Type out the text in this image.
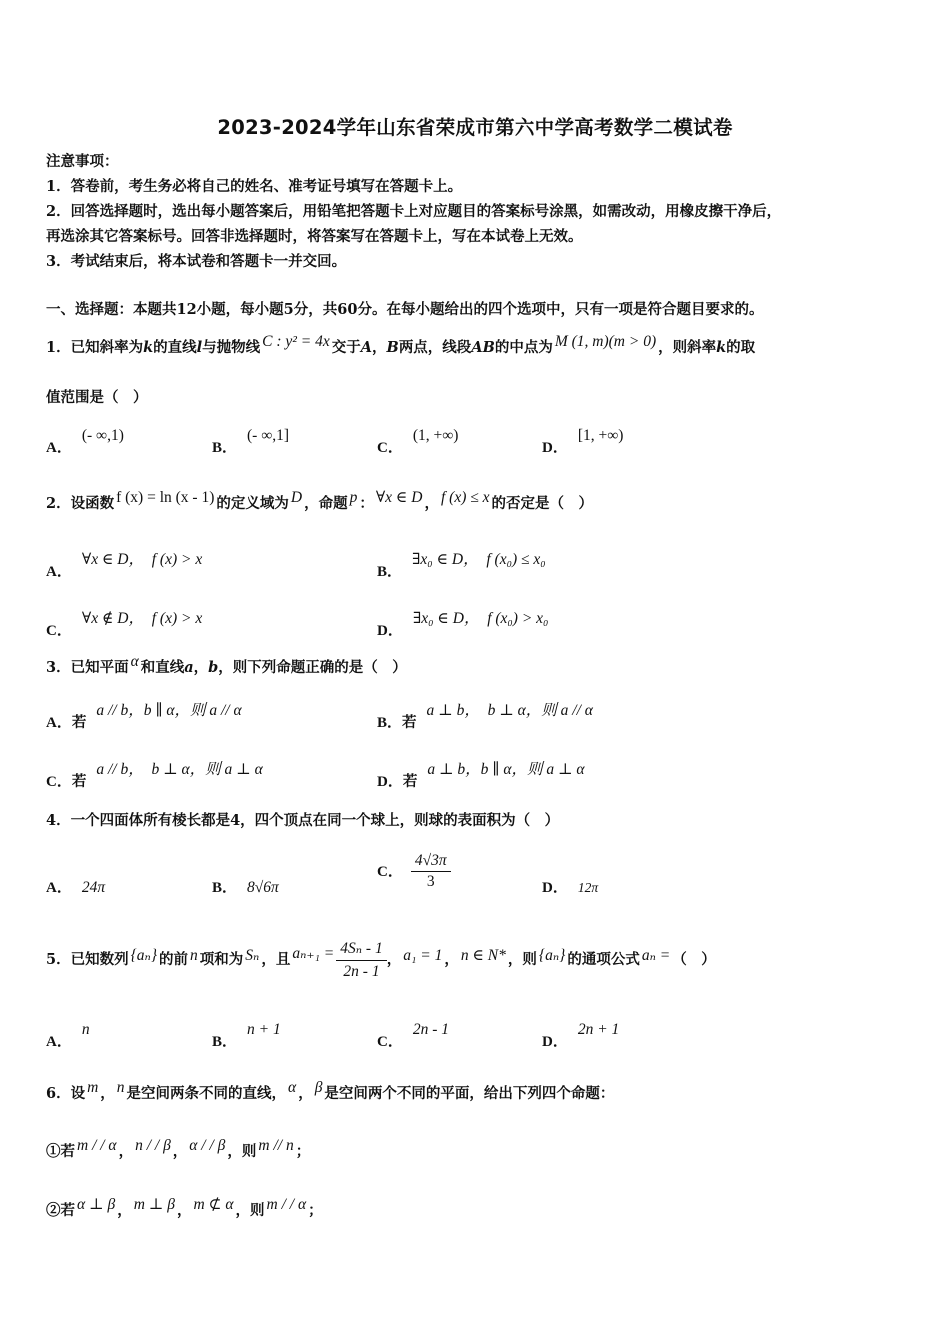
2023-2024学年山东省荣成市第六中学高考数学二模试卷
注意事项：
1．答卷前，考生务必将自己的姓名、准考证号填写在答题卡上。
2．回答选择题时，选出每小题答案后，用铅笔把答题卡上对应题目的答案标号涂黑，如需改动，用橡皮擦干净后，
再选涂其它答案标号。回答非选择题时，将答案写在答题卡上，写在本试卷上无效。
3．考试结束后，将本试卷和答题卡一并交回。
一、选择题：本题共12小题，每小题5分，共60分。在每小题给出的四个选项中，只有一项是符合题目要求的。
1．已知斜率为k的直线l与抛物线 C : y² = 4x 交于A，B两点，线段AB的中点为 M (1, m)(m > 0) ，则斜率k的取
值范围是（　）
A．(- ∞,1)
B．(- ∞,1]
C．(1, +∞)
D．[1, +∞)
2．设函数 f (x) = ln (x - 1) 的定义域为 D ，命题 p ： ∀x ∈ D ， f (x) ≤ x 的否定是（　）
A．∀x ∈ D，　f (x) > x
B．∃x₀ ∈ D，　f (x₀) ≤ x₀
C．∀x ∉ D，　f (x) > x
D．∃x₀ ∈ D，　f (x₀) > x₀
3．已知平面 α 和直线a，b，则下列命题正确的是（　）
A．若a // b，b ∥ α，则 a // α
B．若a ⊥ b，　b ⊥ α，则 a // α
C．若a // b，　b ⊥ α，则 a ⊥ α
D．若a ⊥ b，b ∥ α，则 a ⊥ α
4．一个四面体所有棱长都是4，四个顶点在同一个球上，则球的表面积为（　）
A． 24π	B． 8√6π
C． $\frac{4√3\pi}{3}$	D． 12π
5．已知数列 {aₙ} 的前 n 项和为 Sₙ ，且 $a_{n+1} = \frac{\text{4Sₙ - 1}}{2n - 1}$ ， a₁ = 1 ， n ∈ N* ，则 {aₙ} 的通项公式 aₙ = （　）
A．n
B．n + 1
C．2n - 1
D．2n + 1
6．设 m ， n 是空间两条不同的直线， α ， β 是空间两个不同的平面，给出下列四个命题：
①若 m / / α ， n / / β ， α / / β ，则 m // n ；
②若 α ⊥ β ， m ⊥ β ， m ⊄ α ，则 m / / α ；
